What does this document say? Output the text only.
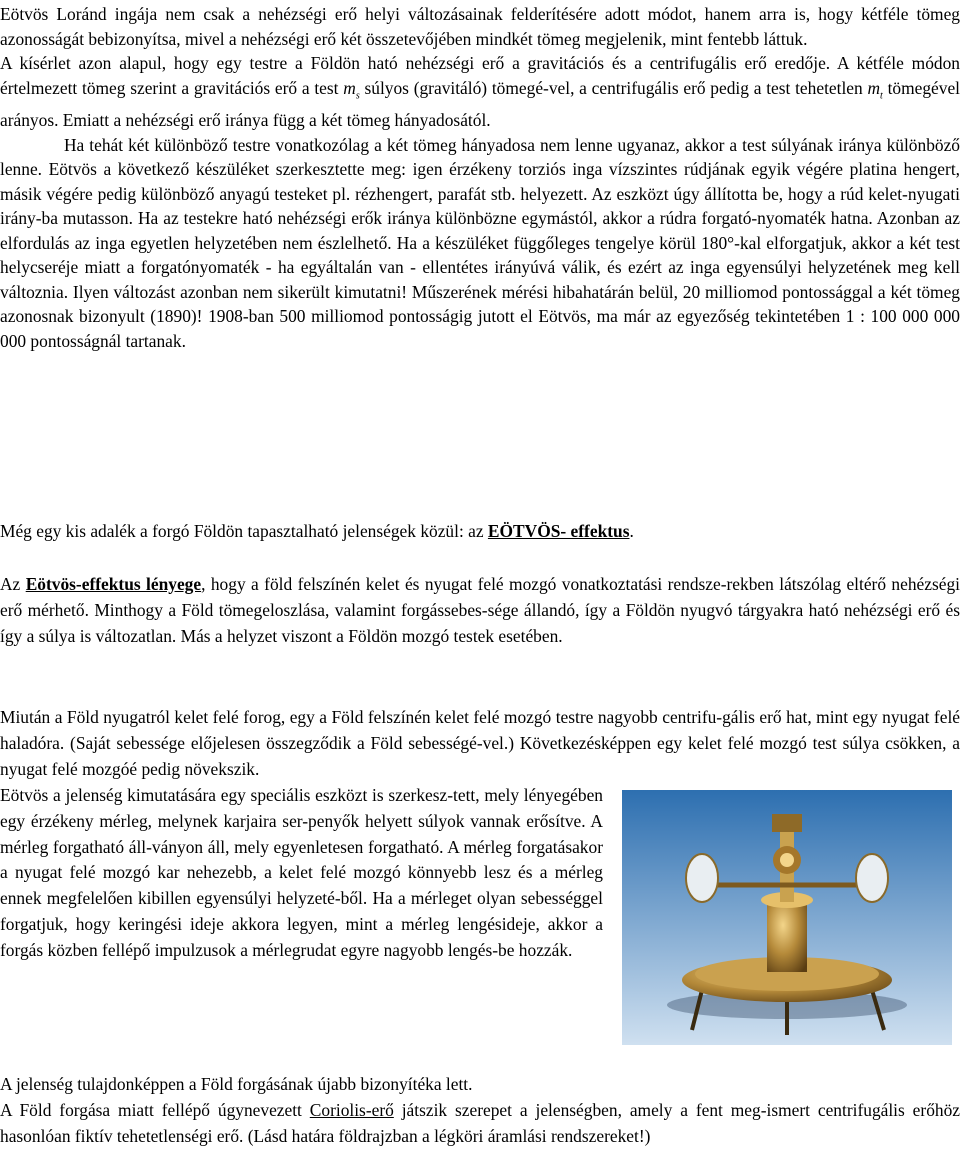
Eötvös Loránd ingája nem csak a nehézségi erő helyi változásainak felderítésére adott módot, hanem arra is, hogy kétféle tömeg azonosságát bebizonyítsa, mivel a nehézségi erő két összetevőjében mindkét tömeg megjelenik, mint fentebb láttuk.

A kísérlet azon alapul, hogy egy testre a Földön ható nehézségi erő a gravitációs és a centrifugális erő eredője. A kétféle módon értelmezett tömeg szerint a gravitációs erő a test $m_s$ súlyos (gravitáló) tömegé-vel, a centrifugális erő pedig a test tehetetlen $m_t$ tömegével arányos. Emiatt a nehézségi erő iránya függ a két tömeg hányadosától.

Ha tehát két különböző testre vonatkozólag a két tömeg hányadosa nem lenne ugyanaz, akkor a test súlyának iránya különböző lenne. Eötvös a következő készüléket szerkesztette meg: igen érzékeny torziós inga vízszintes rúdjának egyik végére platina hengert, másik végére pedig különböző anyagú testeket pl. rézhengert, parafát stb. helyezett. Az eszközt úgy állította be, hogy a rúd kelet-nyugati irány-ba mutasson. Ha az testekre ható nehézségi erők iránya különbözne egymástól, akkor a rúdra forgató-nyomaték hatna. Azonban az elfordulás az inga egyetlen helyzetében nem észlelhető. Ha a készüléket függőleges tengelye körül 180°-kal elforgatjuk, akkor a két test helycseréje miatt a forgatónyomaték - ha egyáltalán van - ellentétes irányúvá válik, és ezért az inga egyensúlyi helyzetének meg kell változnia. Ilyen változást azonban nem sikerült kimutatni! Műszerének mérési hibahatárán belül, 20 milliomod pontossággal a két tömeg azonosnak bizonyult (1890)! 1908-ban 500 milliomod pontosságig jutott el Eötvös, ma már az egyezőség tekintetében 1 : 100 000 000 000 pontosságnál tartanak.

Még egy kis adalék a forgó Földön tapasztalható jelenségek közül: az EÖTVÖS- effektus.

Az Eötvös-effektus lényege, hogy a föld felszínén kelet és nyugat felé mozgó vonatkoztatási rendsze-rekben látszólag eltérő nehézségi erő mérhető. Minthogy a Föld tömegeloszlása, valamint forgássebes-sége állandó, így a Földön nyugvó tárgyakra ható nehézségi erő és így a súlya is változatlan. Más a helyzet viszont a Földön mozgó testek esetében.

Miután a Föld nyugatról kelet felé forog, egy a Föld felszínén kelet felé mozgó testre nagyobb centrifu-gális erő hat, mint egy nyugat felé haladóra. (Saját sebessége előjelesen összegződik a Föld sebességé-vel.) Következésképpen egy kelet felé mozgó test súlya csökken, a nyugat felé mozgóé pedig növekszik.

Eötvös a jelenség kimutatására egy speciális eszközt is szerkesz-tett, mely lényegében egy érzékeny mérleg, melynek karjaira ser-penyők helyett súlyok vannak erősítve. A mérleg forgatható áll-ványon áll, mely egyenletesen forgatható. A mérleg forgatásakor a nyugat felé mozgó kar nehezebb, a kelet felé mozgó könnyebb lesz és a mérleg ennek megfelelően kibillen egyensúlyi helyzeté-ből. Ha a mérleget olyan sebességgel forgatjuk, hogy keringési ideje akkora legyen, mint a mérleg lengésideje, akkor a forgás közben fellépő impulzusok a mérlegrudat egyre nagyobb lengés-be hozzák.

A jelenség tulajdonképpen a Föld forgásának újabb bizonyítéka lett.

A Föld forgása miatt fellépő úgynevezett Coriolis-erő játszik szerepet a jelenségben, amely a fent meg-ismert centrifugális erőhöz hasonlóan fiktív tehetetlenségi erő. (Lásd határa földrajzban a légköri áramlási rendszereket!)
